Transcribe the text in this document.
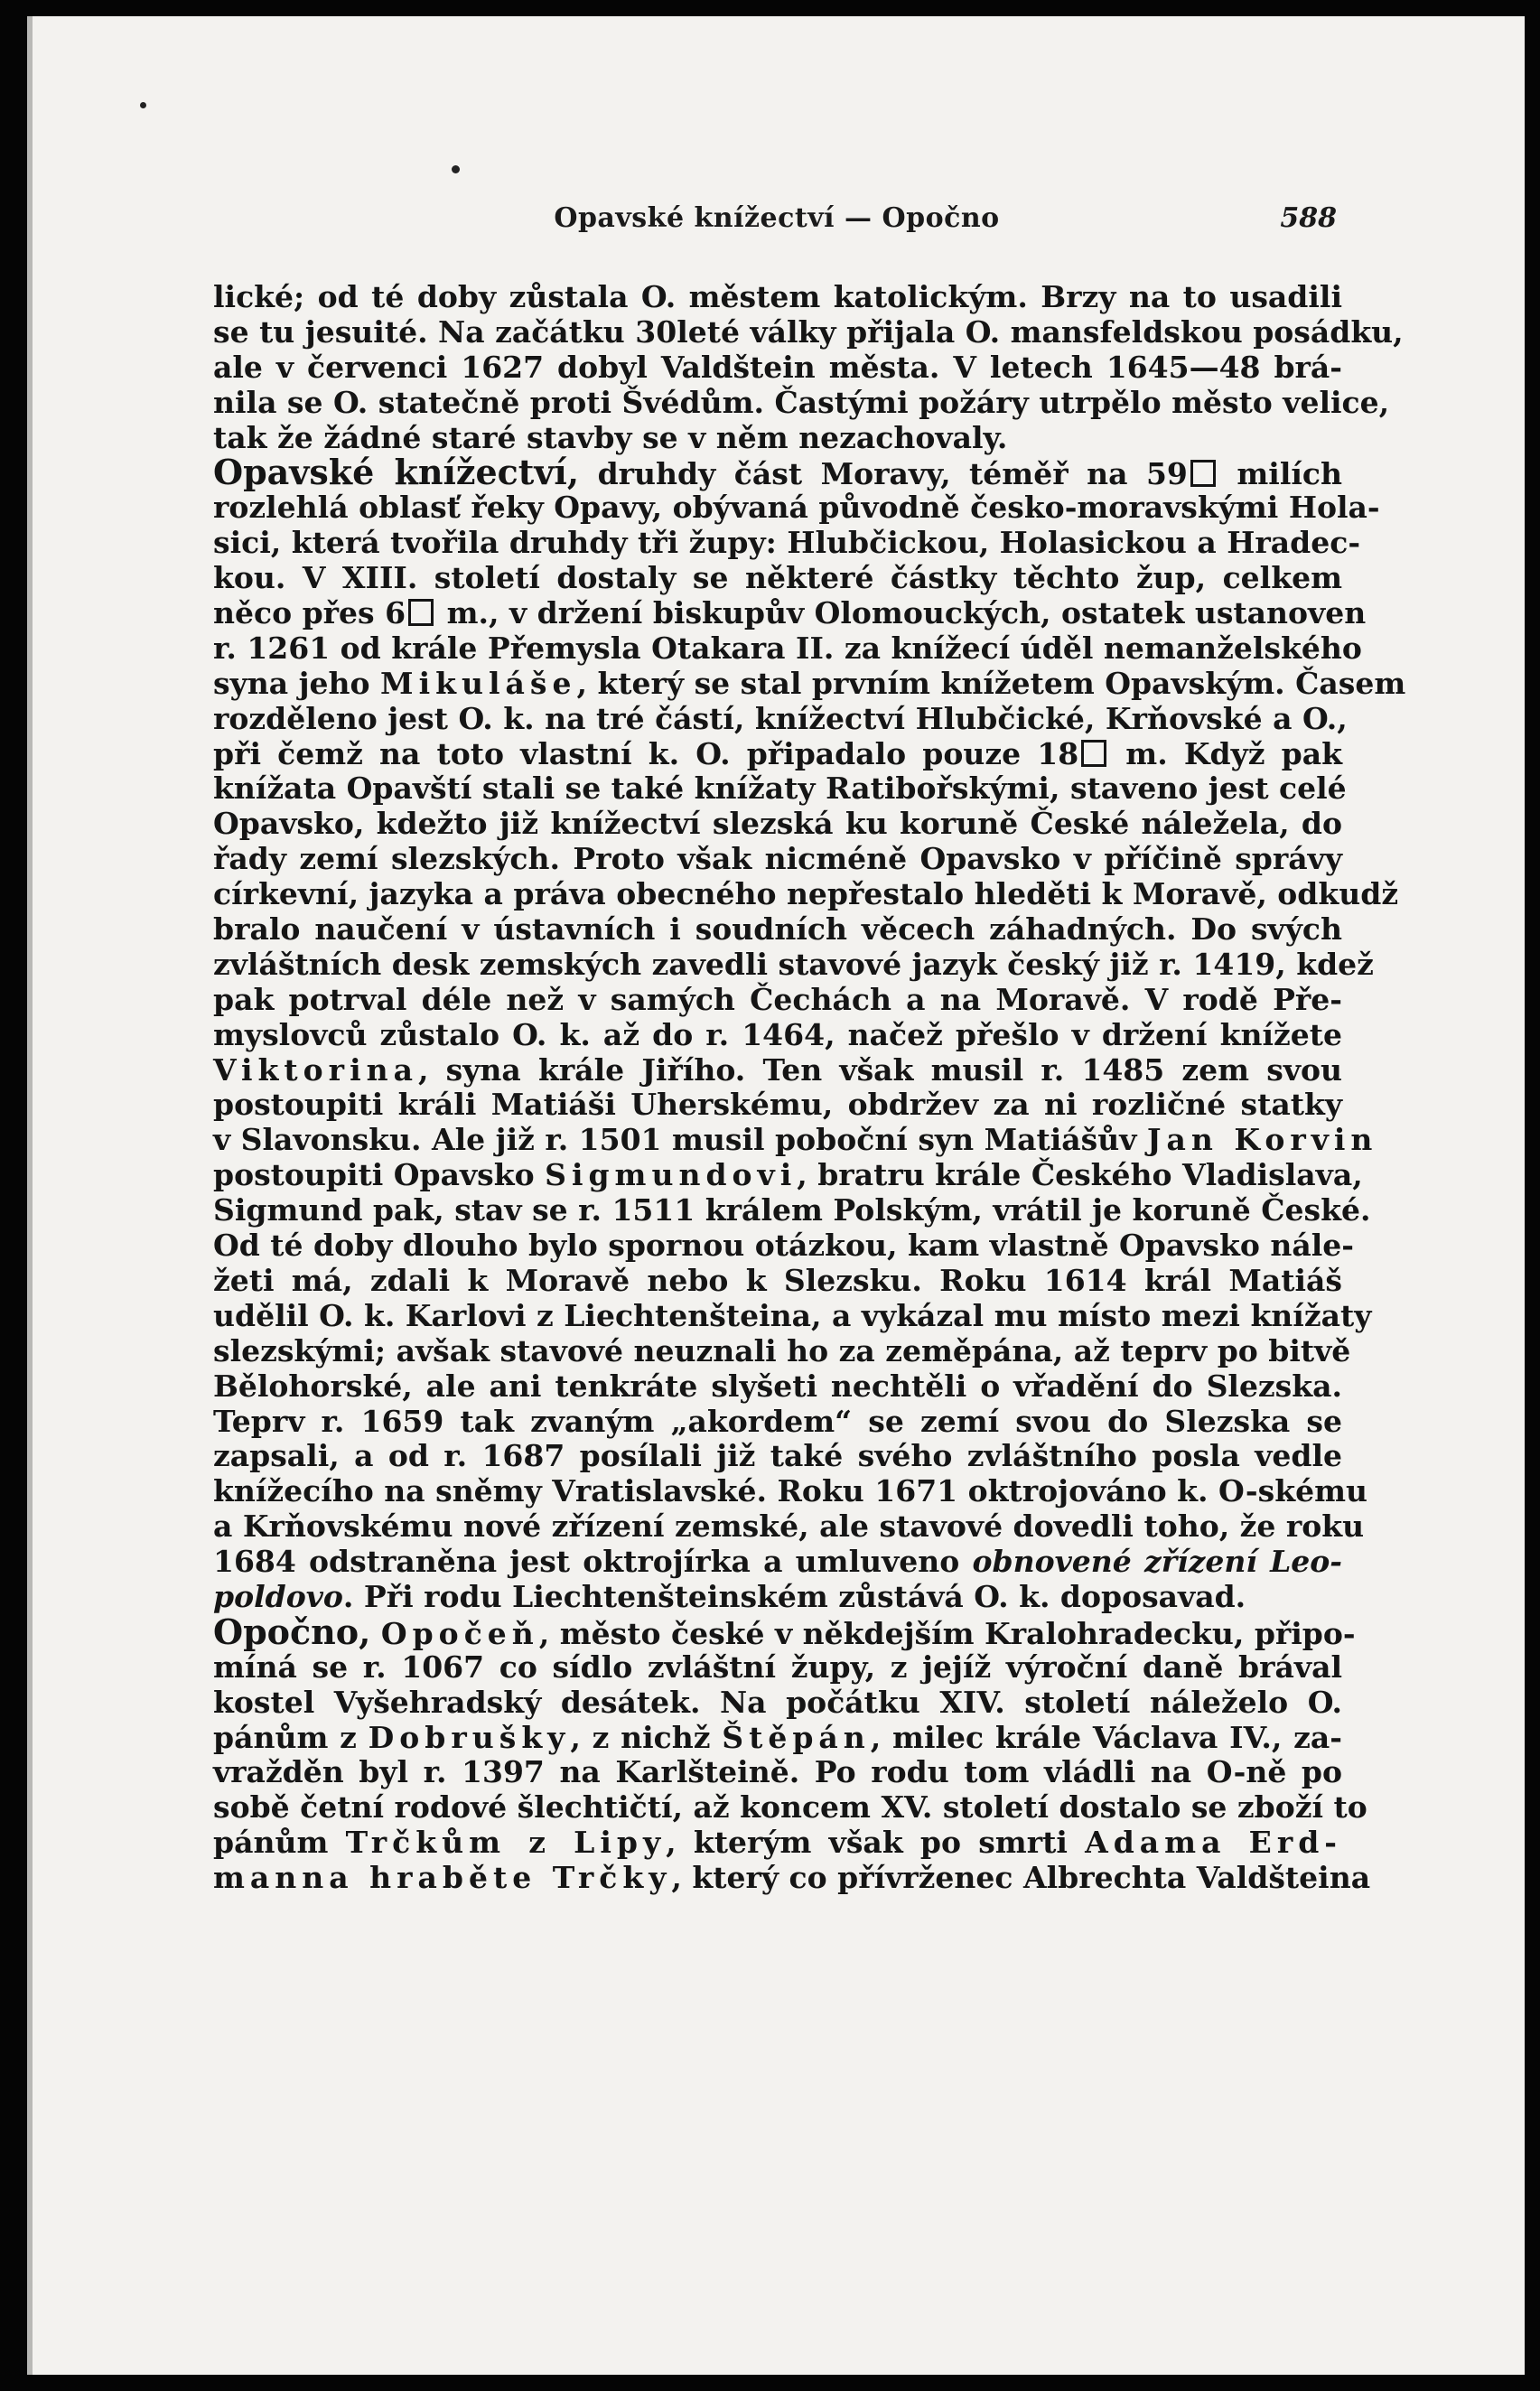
Opavské knížectví — Opočno	588
lické; od té doby zůstala O. městem katolickým. Brzy na to usadili
se tu jesuité. Na začátku 30leté války přijala O. mansfeldskou posádku,
ale v červenci 1627 dobyl Valdštein města. V letech 1645—48 brá-
nila se O. statečně proti Švédům. Častými požáry utrpělo město velice,
tak že žádné staré stavby se v něm nezachovaly.
Opavské knížectví, druhdy část Moravy, téměř na 59 milích
rozlehlá oblasť řeky Opavy, obývaná původně česko-moravskými Hola-
sici, která tvořila druhdy tři župy: Hlubčickou, Holasickou a Hradec-
kou. V XIII. století dostaly se některé částky těchto žup, celkem
něco přes 6 m., v držení biskupův Olomouckých, ostatek ustanoven
r. 1261 od krále Přemysla Otakara II. za knížecí úděl nemanželského
syna jeho Mikuláše, který se stal prvním knížetem Opavským. Časem
rozděleno jest O. k. na tré částí, knížectví Hlubčické, Krňovské a O.,
při čemž na toto vlastní k. O. připadalo pouze 18 m. Když pak
knížata Opavští stali se také knížaty Ratibořskými, staveno jest celé
Opavsko, kdežto již knížectví slezská ku koruně České náležela, do
řady zemí slezských. Proto však nicméně Opavsko v příčině správy
církevní, jazyka a práva obecného nepřestalo hleděti k Moravě, odkudž
bralo naučení v ústavních i soudních věcech záhadných. Do svých
zvláštních desk zemských zavedli stavové jazyk český již r. 1419, kdež
pak potrval déle než v samých Čechách a na Moravě. V rodě Pře-
myslovců zůstalo O. k. až do r. 1464, načež přešlo v držení knížete
Viktorina, syna krále Jiřího. Ten však musil r. 1485 zem svou
postoupiti králi Matiáši Uherskému, obdržev za ni rozličné statky
v Slavonsku. Ale již r. 1501 musil poboční syn Matiášův Jan Korvin
postoupiti Opavsko Sigmundovi, bratru krále Českého Vladislava,
Sigmund pak, stav se r. 1511 králem Polským, vrátil je koruně České.
Od té doby dlouho bylo spornou otázkou, kam vlastně Opavsko nále-
žeti má, zdali k Moravě nebo k Slezsku. Roku 1614 král Matiáš
udělil O. k. Karlovi z Liechtenšteina, a vykázal mu místo mezi knížaty
slezskými; avšak stavové neuznali ho za zeměpána, až teprv po bitvě
Bělohorské, ale ani tenkráte slyšeti nechtěli o vřadění do Slezska.
Teprv r. 1659 tak zvaným „akordem“ se zemí svou do Slezska se
zapsali, a od r. 1687 posílali již také svého zvláštního posla vedle
knížecího na sněmy Vratislavské. Roku 1671 oktrojováno k. O-skému
a Krňovskému nové zřízení zemské, ale stavové dovedli toho, že roku
1684 odstraněna jest oktrojírka a umluveno obnovené zřízení Leo-
poldovo. Při rodu Liechtenšteinském zůstává O. k. doposavad.
Opočno, Opočeň, město české v někdejším Kralohradecku, připo-
míná se r. 1067 co sídlo zvláštní župy, z jejíž výroční daně brával
kostel Vyšehradský desátek. Na počátku XIV. století náleželo O.
pánům z Dobrušky, z nichž Štěpán, milec krále Václava IV., za-
vražděn byl r. 1397 na Karlšteině. Po rodu tom vládli na O-ně po
sobě četní rodové šlechtičtí, až koncem XV. století dostalo se zboží to
pánům Trčkům z Lipy, kterým však po smrti Adama Erd-
manna hraběte Trčky, který co přívrženec Albrechta Valdšteina
